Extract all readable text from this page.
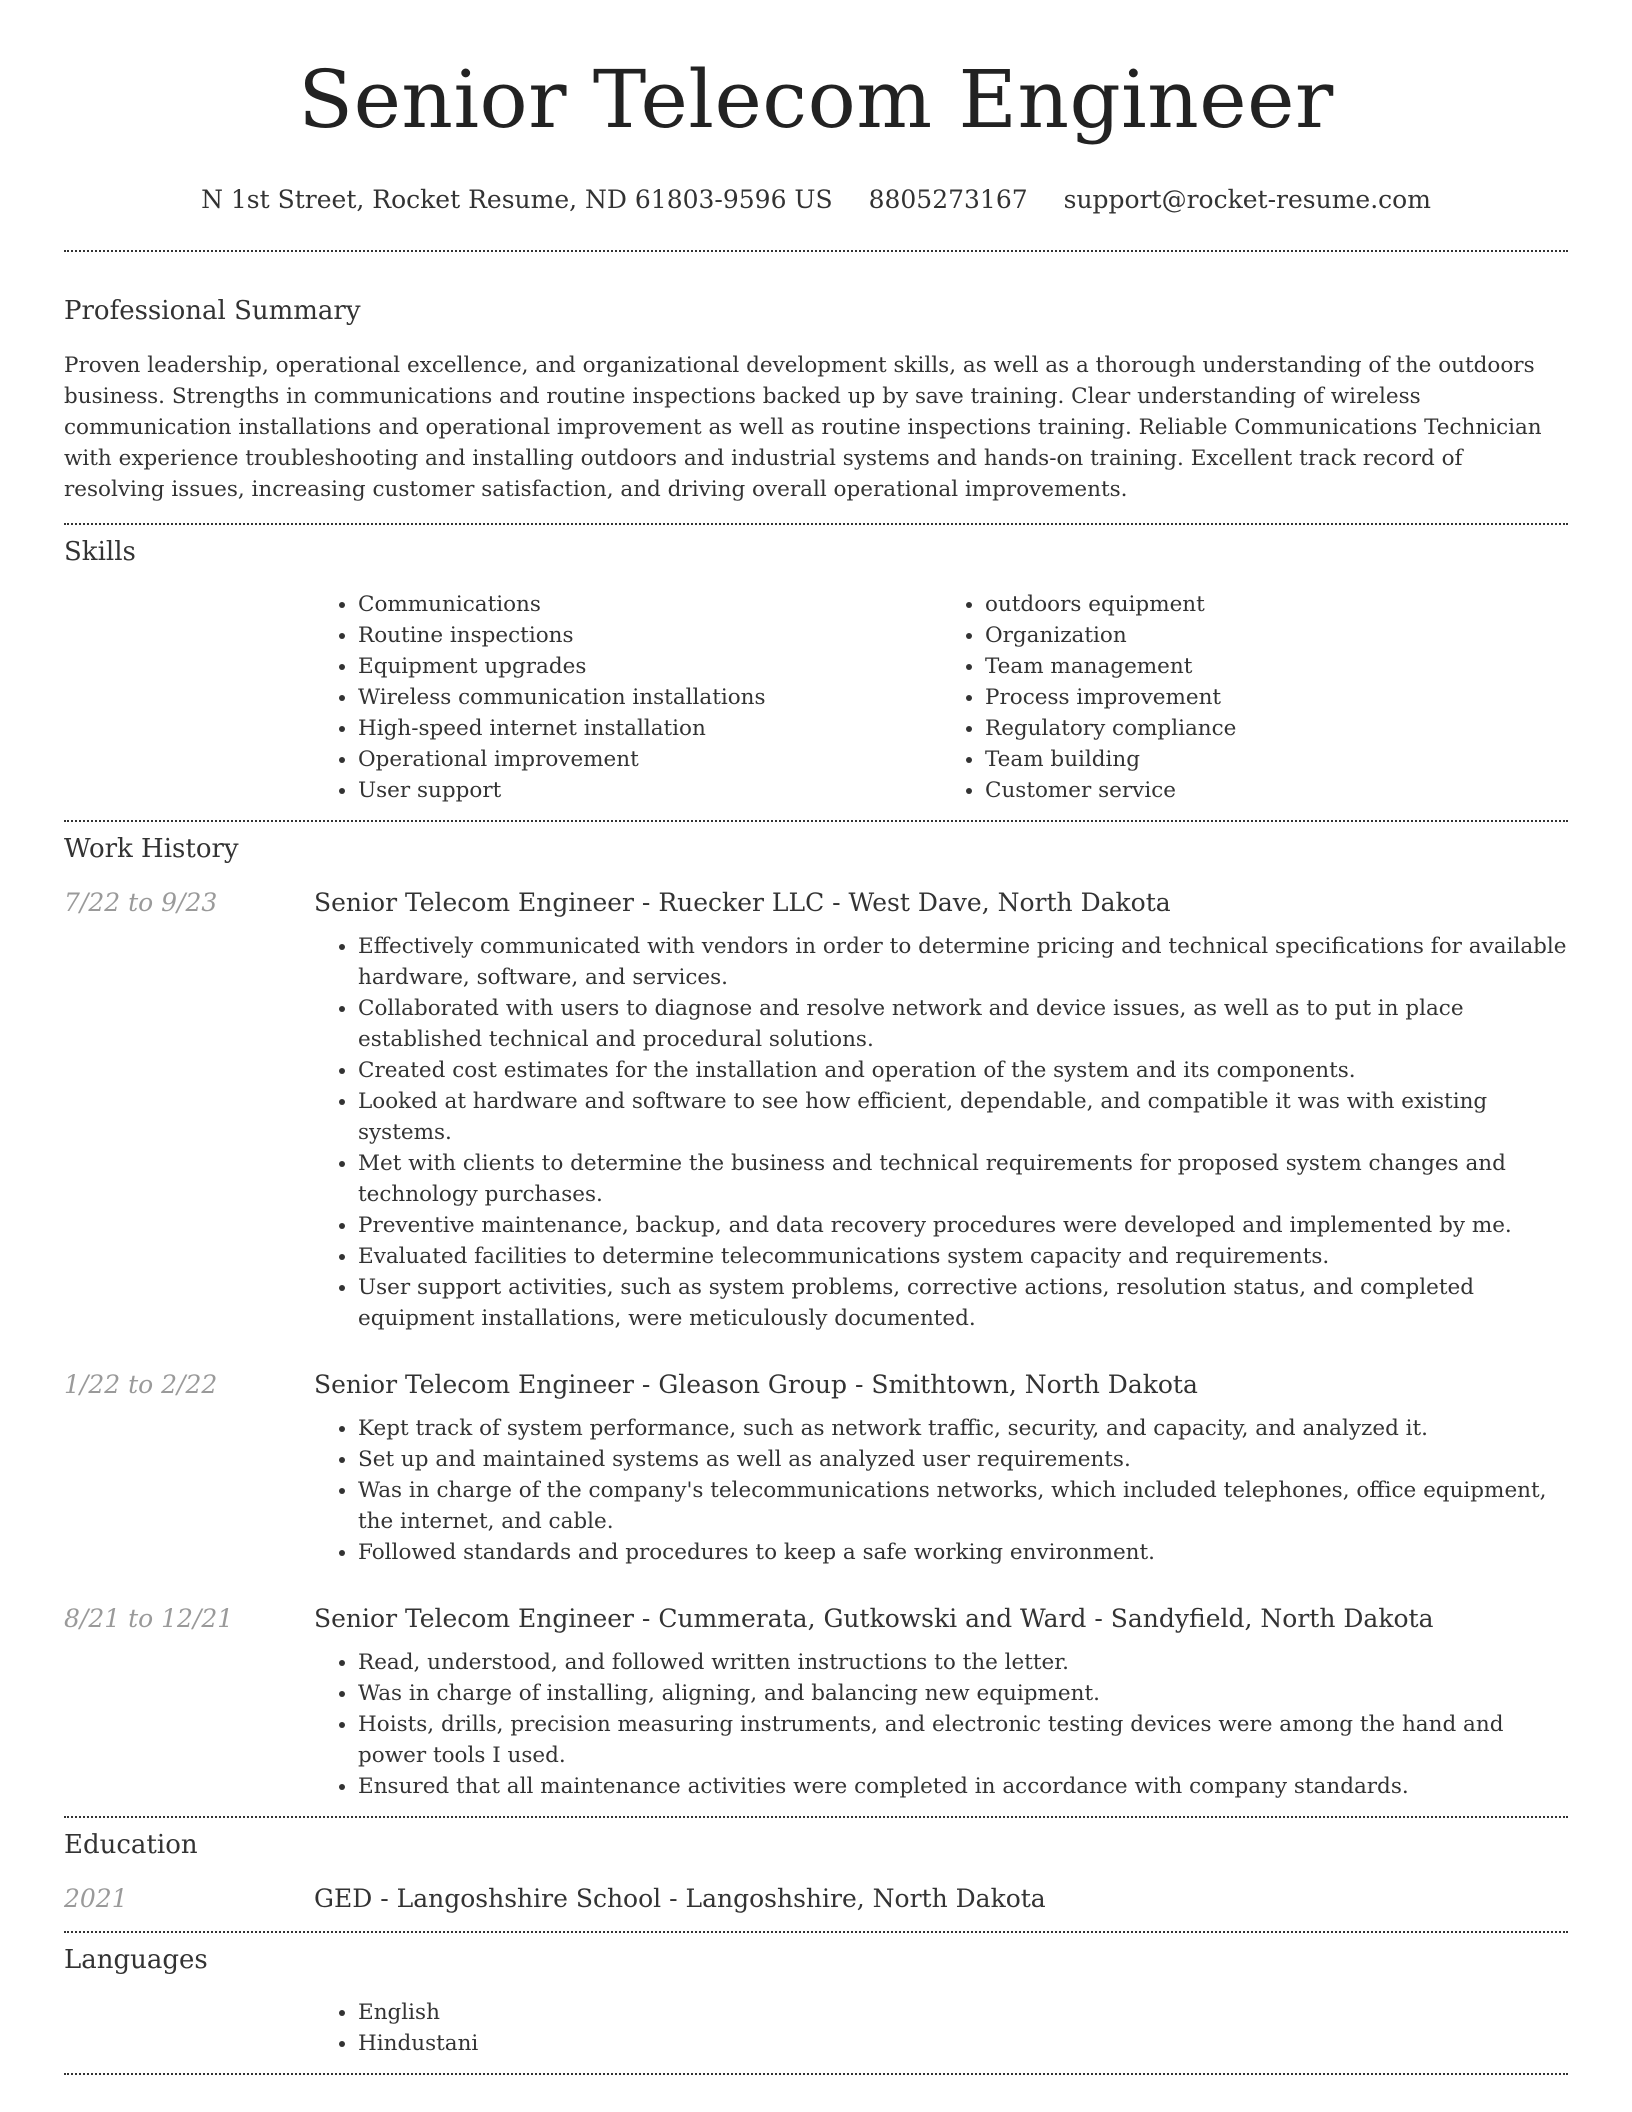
Senior Telecom Engineer
N 1st Street, Rocket Resume, ND 61803-9596 US 8805273167 support@rocket-resume.com
Professional Summary

Proven leadership, operational excellence, and organizational development skills, as well as a thorough understanding of the outdoors business. Strengths in communications and routine inspections backed up by save training. Clear understanding of wireless communication installations and operational improvement as well as routine inspections training. Reliable Communications Technician with experience troubleshooting and installing outdoors and industrial systems and hands-on training. Excellent track record of resolving issues, increasing customer satisfaction, and driving overall operational improvements.

Skills
• Communications
• Routine inspections
• Equipment upgrades
• Wireless communication installations
• High-speed internet installation
• Operational improvement
• User support
• outdoors equipment
• Organization
• Team management
• Process improvement
• Regulatory compliance
• Team building
• Customer service
Work History
7/22 to 9/23	Senior Telecom Engineer - Ruecker LLC - West Dave, North Dakota
• Effectively communicated with vendors in order to determine pricing and technical specifications for available hardware, software, and services.
• Collaborated with users to diagnose and resolve network and device issues, as well as to put in place established technical and procedural solutions.
• Created cost estimates for the installation and operation of the system and its components.
• Looked at hardware and software to see how efficient, dependable, and compatible it was with existing systems.
• Met with clients to determine the business and technical requirements for proposed system changes and technology purchases.
• Preventive maintenance, backup, and data recovery procedures were developed and implemented by me.
• Evaluated facilities to determine telecommunications system capacity and requirements.
• User support activities, such as system problems, corrective actions, resolution status, and completed equipment installations, were meticulously documented.
1/22 to 2/22	Senior Telecom Engineer - Gleason Group - Smithtown, North Dakota
• Kept track of system performance, such as network traffic, security, and capacity, and analyzed it.
• Set up and maintained systems as well as analyzed user requirements.
• Was in charge of the company's telecommunications networks, which included telephones, office equipment, the internet, and cable.
• Followed standards and procedures to keep a safe working environment.
8/21 to 12/21	Senior Telecom Engineer - Cummerata, Gutkowski and Ward - Sandyfield, North Dakota
• Read, understood, and followed written instructions to the letter.
• Was in charge of installing, aligning, and balancing new equipment.
• Hoists, drills, precision measuring instruments, and electronic testing devices were among the hand and power tools I used.
• Ensured that all maintenance activities were completed in accordance with company standards.
Education
2021	GED - Langoshshire School - Langoshshire, North Dakota
Languages
• English
• Hindustani
